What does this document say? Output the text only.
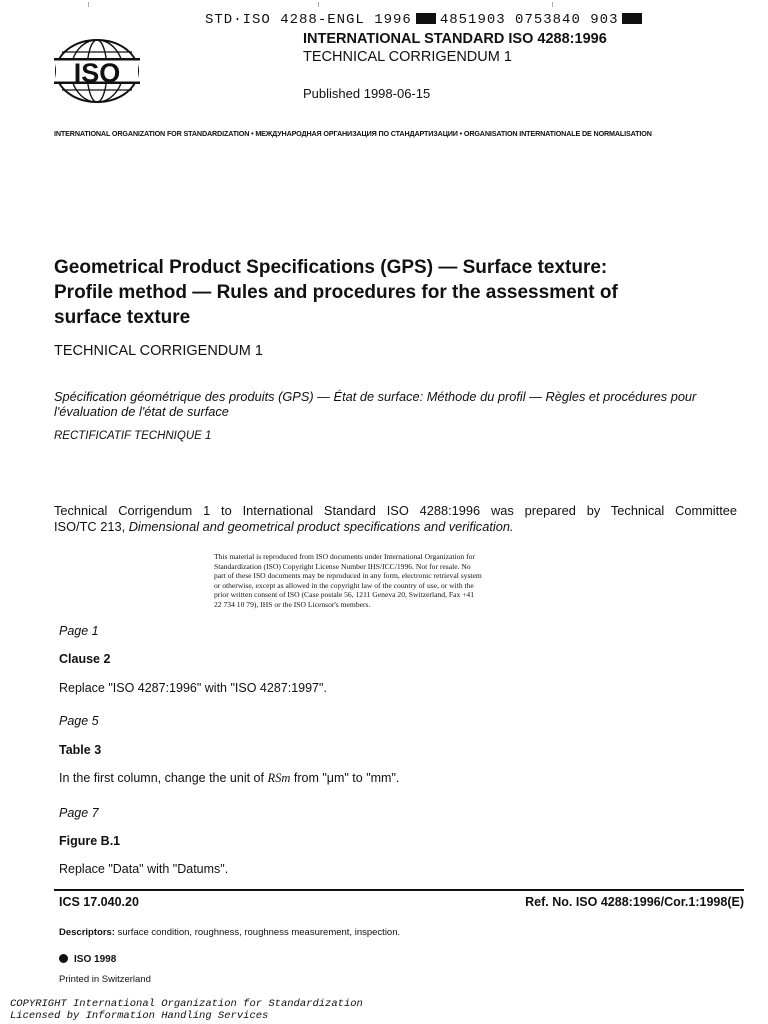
STD·ISO 4288-ENGL 1996 4851903 0753840 903
ISO
INTERNATIONAL STANDARD ISO 4288:1996
TECHNICAL CORRIGENDUM 1
Published 1998-06-15
INTERNATIONAL ORGANIZATION FOR STANDARDIZATION • МЕЖДУНАРОДНАЯ ОРГАНИЗАЦИЯ ПО СТАНДАРТИЗАЦИИ • ORGANISATION INTERNATIONALE DE NORMALISATION
Geometrical Product Specifications (GPS) — Surface texture:
Profile method — Rules and procedures for the assessment of
surface texture
TECHNICAL CORRIGENDUM 1
Spécification géométrique des produits (GPS) — État de surface: Méthode du profil — Règles et procédures pour
l'évaluation de l'état de surface
RECTIFICATIF TECHNIQUE 1
Technical Corrigendum 1 to International Standard ISO 4288:1996 was prepared by Technical Committee
ISO/TC 213, Dimensional and geometrical product specifications and verification.
This material is reproduced from ISO documents under International Organization for
Standardization (ISO) Copyright License Number IHS/ICC/1996. Not for resale. No
part of these ISO documents may be reproduced in any form, electronic retrieval system
or otherwise, except as allowed in the copyright law of the country of use, or with the
prior written consent of ISO (Case postale 56, 1211 Geneva 20, Switzerland, Fax +41
22 734 10 79), IHS or the ISO Licensor's members.
Page 1
Clause 2
Replace "ISO 4287:1996" with "ISO 4287:1997".
Page 5
Table 3
In the first column, change the unit of RSm from "μm" to "mm".
Page 7
Figure B.1
Replace "Data" with "Datums".
ICS 17.040.20	Ref. No. ISO 4288:1996/Cor.1:1998(E)
Descriptors: surface condition, roughness, roughness measurement, inspection.
ISO 1998
Printed in Switzerland
COPYRIGHT International Organization for Standardization
Licensed by Information Handling Services
